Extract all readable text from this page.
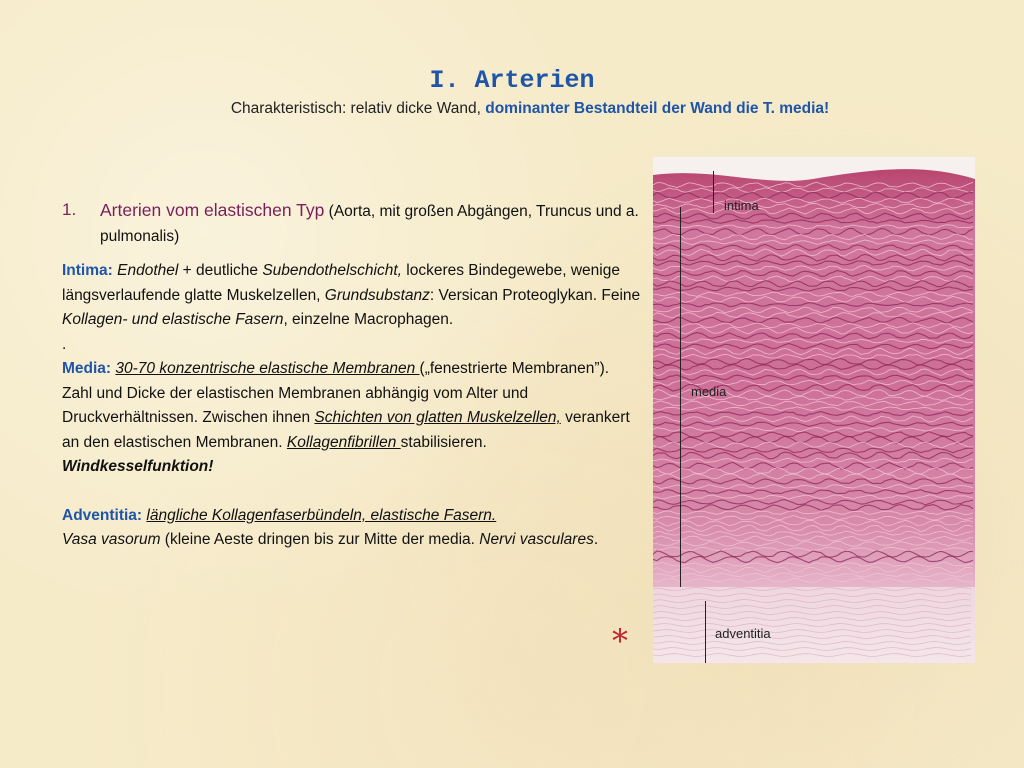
I. Arterien
Charakteristisch: relativ dicke Wand, dominanter Bestandteil der Wand die T. media!
1.	Arterien vom elastischen Typ (Aorta, mit großen Abgängen, Truncus und a. pulmonalis)
Intima: Endothel + deutliche Subendothelschicht, lockeres Bindegewebe, wenige längsverlaufende glatte Muskelzellen, Grundsubstanz: Versican Proteoglykan. Feine Kollagen- und elastische Fasern, einzelne Macrophagen.
.
Media: 30-70 konzentrische elastische Membranen („fenestrierte Membranen”). Zahl und Dicke der elastischen Membranen abhängig vom Alter und Druckverhältnissen. Zwischen ihnen Schichten von glatten Muskelzellen, verankert an den elastischen Membranen. Kollagenfibrillen stabilisieren.
Windkesselfunktion!
Adventitia: längliche Kollagenfaserbündeln, elastische Fasern.
Vasa vasorum (kleine Aeste dringen bis zur Mitte der media. Nervi vasculares.
*
intima
media
adventitia
